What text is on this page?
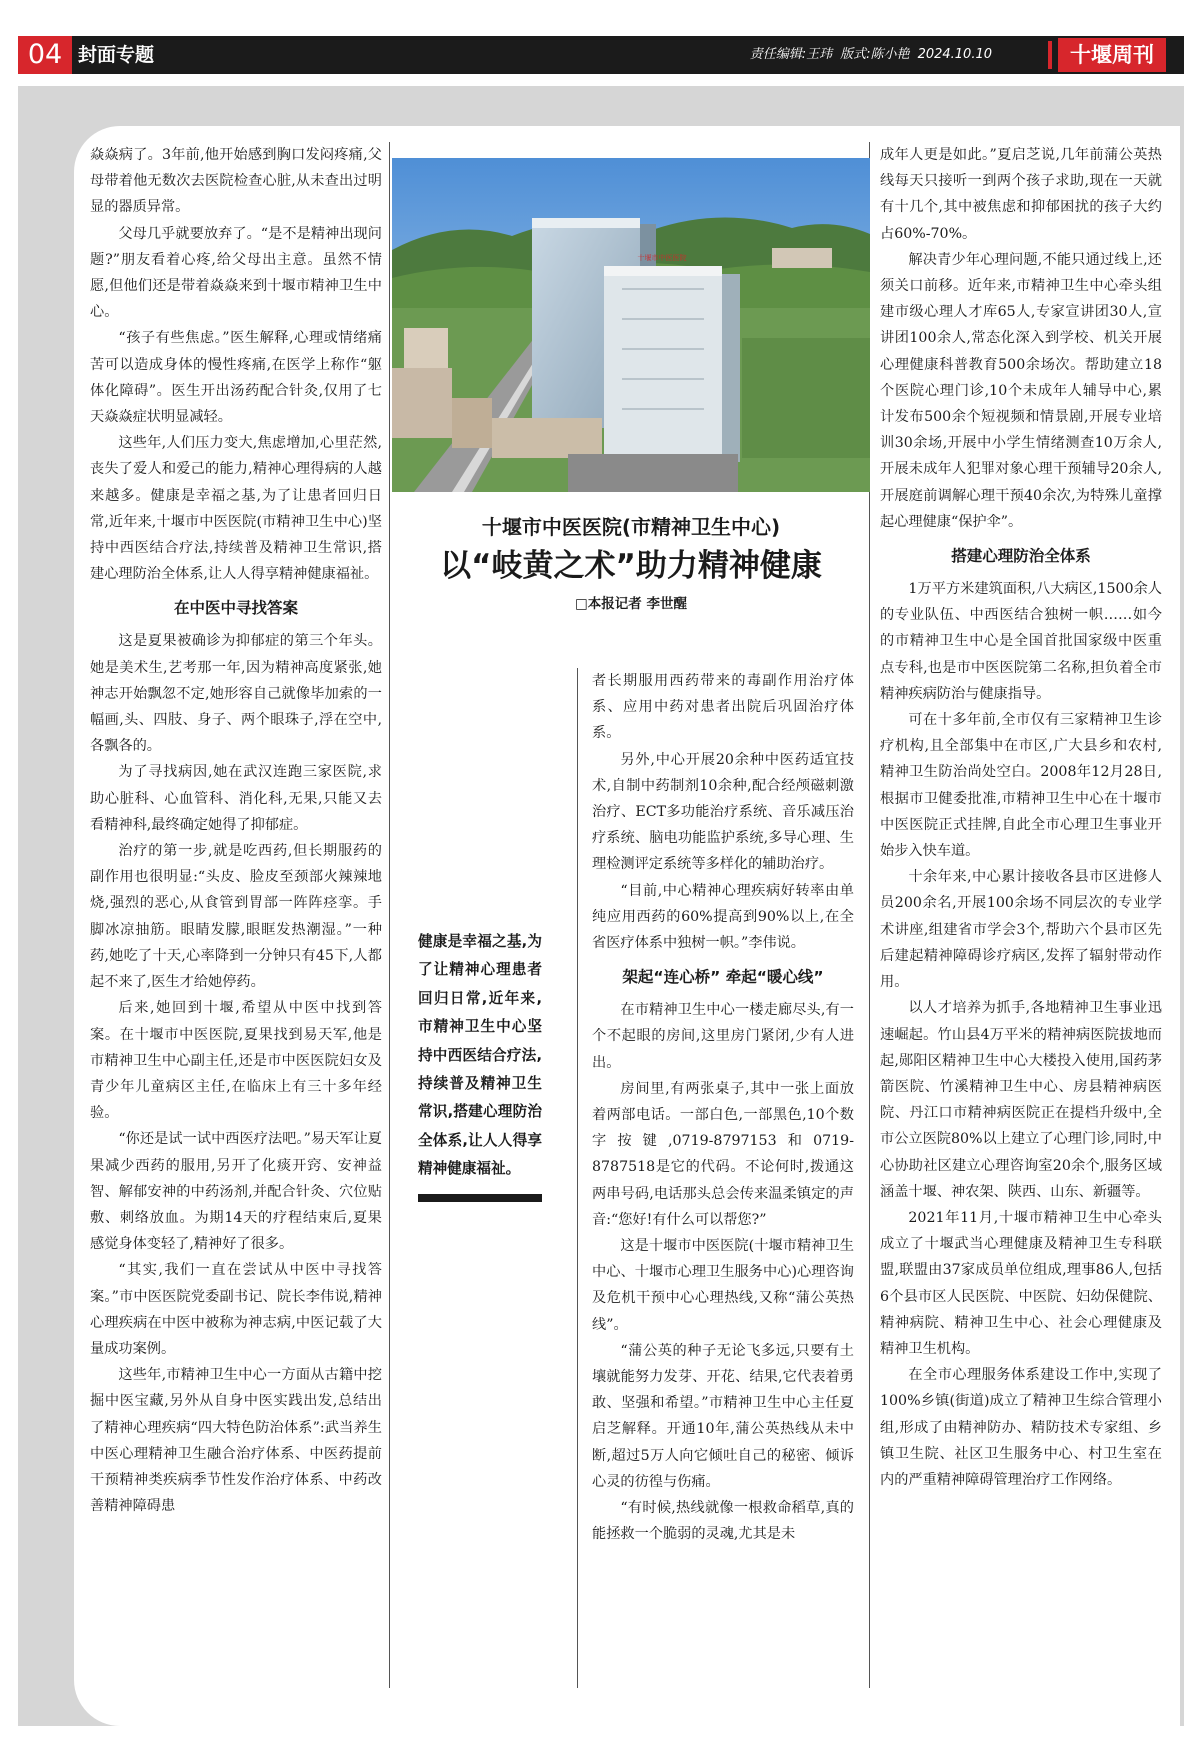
04 封面专题	责任编辑:王玮 版式:陈小艳 2024.10.10	十堰周刊

焱焱病了。3年前,他开始感到胸口发闷疼痛,父母带着他无数次去医院检查心脏,从未查出过明显的器质异常。

父母几乎就要放弃了。“是不是精神出现问题?”朋友看着心疼,给父母出主意。虽然不情愿,但他们还是带着焱焱来到十堰市精神卫生中心。

“孩子有些焦虑。”医生解释,心理或情绪痛苦可以造成身体的慢性疼痛,在医学上称作“躯体化障碍”。医生开出汤药配合针灸,仅用了七天焱焱症状明显减轻。

这些年,人们压力变大,焦虑增加,心里茫然,丧失了爱人和爱己的能力,精神心理得病的人越来越多。健康是幸福之基,为了让患者回归日常,近年来,十堰市中医医院(市精神卫生中心)坚持中西医结合疗法,持续普及精神卫生常识,搭建心理防治全体系,让人人得享精神健康福祉。

在中医中寻找答案

这是夏果被确诊为抑郁症的第三个年头。她是美术生,艺考那一年,因为精神高度紧张,她神志开始飘忽不定,她形容自己就像毕加索的一幅画,头、四肢、身子、两个眼珠子,浮在空中,各飘各的。

为了寻找病因,她在武汉连跑三家医院,求助心脏科、心血管科、消化科,无果,只能又去看精神科,最终确定她得了抑郁症。

治疗的第一步,就是吃西药,但长期服药的副作用也很明显:“头皮、脸皮至颈部火辣辣地烧,强烈的恶心,从食管到胃部一阵阵痉挛。手脚冰凉抽筋。眼睛发朦,眼眶发热潮湿。”一种药,她吃了十天,心率降到一分钟只有45下,人都起不来了,医生才给她停药。

后来,她回到十堰,希望从中医中找到答案。在十堰市中医医院,夏果找到易天军,他是市精神卫生中心副主任,还是市中医医院妇女及青少年儿童病区主任,在临床上有三十多年经验。

“你还是试一试中西医疗法吧。”易天军让夏果减少西药的服用,另开了化痰开窍、安神益智、解郁安神的中药汤剂,并配合针灸、穴位贴敷、刺络放血。为期14天的疗程结束后,夏果感觉身体变轻了,精神好了很多。

“其实,我们一直在尝试从中医中寻找答案。”市中医医院党委副书记、院长李伟说,精神心理疾病在中医中被称为神志病,中医记载了大量成功案例。

这些年,市精神卫生中心一方面从古籍中挖掘中医宝藏,另外从自身中医实践出发,总结出了精神心理疾病“四大特色防治体系”:武当养生中医心理精神卫生融合治疗体系、中医药提前干预精神类疾病季节性发作治疗体系、中药改善精神障碍患

十堰市中医医院
十堰市中医医院(市精神卫生中心)
以“岐黄之术”助力精神健康
□本报记者 李世醒
健康是幸福之基,为了让精神心理患者回归日常,近年来,市精神卫生中心坚持中西医结合疗法,持续普及精神卫生常识,搭建心理防治全体系,让人人得享精神健康福祉。

者长期服用西药带来的毒副作用治疗体系、应用中药对患者出院后巩固治疗体系。

另外,中心开展20余种中医药适宜技术,自制中药制剂10余种,配合经颅磁刺激治疗、ECT多功能治疗系统、音乐减压治疗系统、脑电功能监护系统,多导心理、生理检测评定系统等多样化的辅助治疗。

“目前,中心精神心理疾病好转率由单纯应用西药的60%提高到90%以上,在全省医疗体系中独树一帜。”李伟说。

架起“连心桥” 牵起“暖心线”

在市精神卫生中心一楼走廊尽头,有一个不起眼的房间,这里房门紧闭,少有人进出。

房间里,有两张桌子,其中一张上面放着两部电话。一部白色,一部黑色,10个数字按键,0719-8797153和0719-8787518是它的代码。不论何时,拨通这两串号码,电话那头总会传来温柔镇定的声音:“您好!有什么可以帮您?”

这是十堰市中医医院(十堰市精神卫生中心、十堰市心理卫生服务中心)心理咨询及危机干预中心心理热线,又称“蒲公英热线”。

“蒲公英的种子无论飞多远,只要有土壤就能努力发芽、开花、结果,它代表着勇敢、坚强和希望。”市精神卫生中心主任夏启芝解释。开通10年,蒲公英热线从未中断,超过5万人向它倾吐自己的秘密、倾诉心灵的彷徨与伤痛。

“有时候,热线就像一根救命稻草,真的能拯救一个脆弱的灵魂,尤其是未

成年人更是如此。”夏启芝说,几年前蒲公英热线每天只接听一到两个孩子求助,现在一天就有十几个,其中被焦虑和抑郁困扰的孩子大约占60%-70%。

解决青少年心理问题,不能只通过线上,还须关口前移。近年来,市精神卫生中心牵头组建市级心理人才库65人,专家宣讲团30人,宣讲团100余人,常态化深入到学校、机关开展心理健康科普教育500余场次。帮助建立18个医院心理门诊,10个未成年人辅导中心,累计发布500余个短视频和情景剧,开展专业培训30余场,开展中小学生情绪测查10万余人,开展未成年人犯罪对象心理干预辅导20余人,开展庭前调解心理干预40余次,为特殊儿童撑起心理健康“保护伞”。

搭建心理防治全体系

1万平方米建筑面积,八大病区,1500余人的专业队伍、中西医结合独树一帜……如今的市精神卫生中心是全国首批国家级中医重点专科,也是市中医医院第二名称,担负着全市精神疾病防治与健康指导。

可在十多年前,全市仅有三家精神卫生诊疗机构,且全部集中在市区,广大县乡和农村,精神卫生防治尚处空白。2008年12月28日,根据市卫健委批准,市精神卫生中心在十堰市中医医院正式挂牌,自此全市心理卫生事业开始步入快车道。

十余年来,中心累计接收各县市区进修人员200余名,开展100余场不同层次的专业学术讲座,组建省市学会3个,帮助六个县市区先后建起精神障碍诊疗病区,发挥了辐射带动作用。

以人才培养为抓手,各地精神卫生事业迅速崛起。竹山县4万平米的精神病医院拔地而起,郧阳区精神卫生中心大楼投入使用,国药茅箭医院、竹溪精神卫生中心、房县精神病医院、丹江口市精神病医院正在提档升级中,全市公立医院80%以上建立了心理门诊,同时,中心协助社区建立心理咨询室20余个,服务区域涵盖十堰、神农架、陕西、山东、新疆等。

2021年11月,十堰市精神卫生中心牵头成立了十堰武当心理健康及精神卫生专科联盟,联盟由37家成员单位组成,理事86人,包括6个县市区人民医院、中医院、妇幼保健院、精神病院、精神卫生中心、社会心理健康及精神卫生机构。

在全市心理服务体系建设工作中,实现了100%乡镇(街道)成立了精神卫生综合管理小组,形成了由精神防办、精防技术专家组、乡镇卫生院、社区卫生服务中心、村卫生室在内的严重精神障碍管理治疗工作网络。
